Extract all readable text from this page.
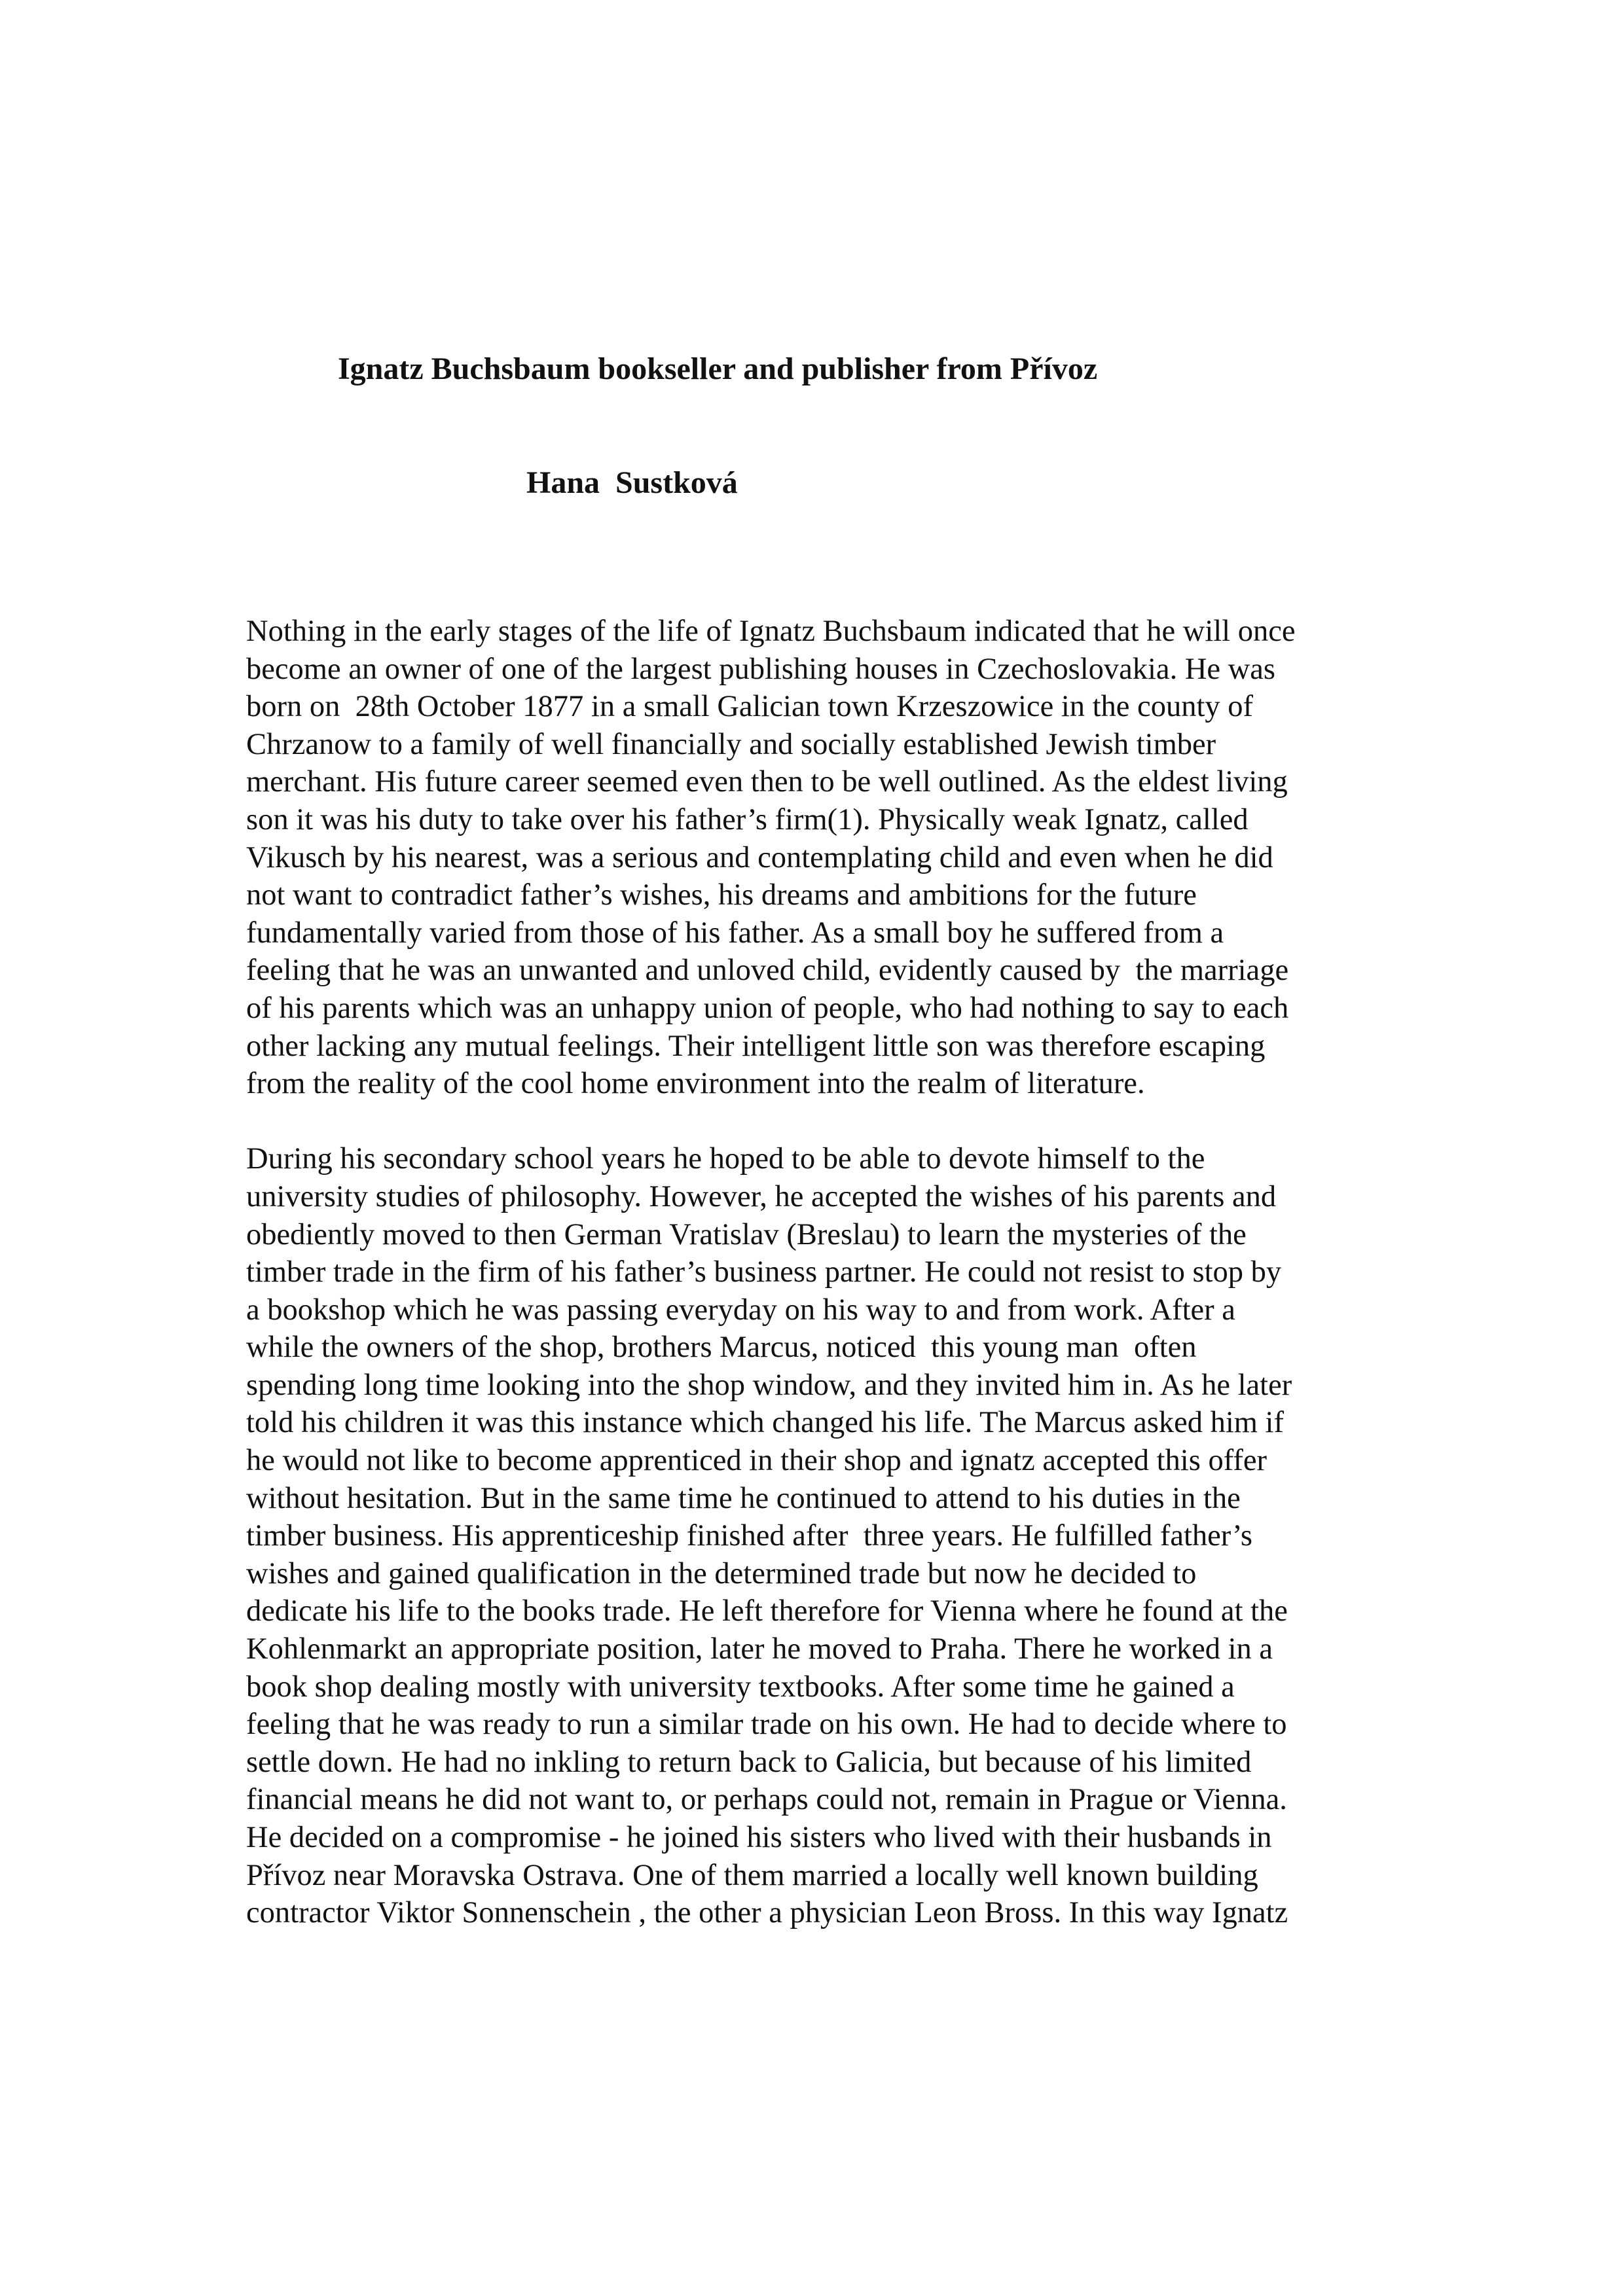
Ignatz Buchsbaum bookseller and publisher from Přívoz
Hana  Sustková
Nothing in the early stages of the life of Ignatz Buchsbaum indicated that he will once
become an owner of one of the largest publishing houses in Czechoslovakia. He was
born on  28th October 1877 in a small Galician town Krzeszowice in the county of
Chrzanow to a family of well financially and socially established Jewish timber
merchant. His future career seemed even then to be well outlined. As the eldest living
son it was his duty to take over his father’s firm(1). Physically weak Ignatz, called
Vikusch by his nearest, was a serious and contemplating child and even when he did
not want to contradict father’s wishes, his dreams and ambitions for the future
fundamentally varied from those of his father. As a small boy he suffered from a
feeling that he was an unwanted and unloved child, evidently caused by  the marriage
of his parents which was an unhappy union of people, who had nothing to say to each
other lacking any mutual feelings. Their intelligent little son was therefore escaping
from the reality of the cool home environment into the realm of literature.
During his secondary school years he hoped to be able to devote himself to the
university studies of philosophy. However, he accepted the wishes of his parents and
obediently moved to then German Vratislav (Breslau) to learn the mysteries of the
timber trade in the firm of his father’s business partner. He could not resist to stop by
a bookshop which he was passing everyday on his way to and from work. After a
while the owners of the shop, brothers Marcus, noticed  this young man  often
spending long time looking into the shop window, and they invited him in. As he later
told his children it was this instance which changed his life. The Marcus asked him if
he would not like to become apprenticed in their shop and ignatz accepted this offer
without hesitation. But in the same time he continued to attend to his duties in the
timber business. His apprenticeship finished after  three years. He fulfilled father’s
wishes and gained qualification in the determined trade but now he decided to
dedicate his life to the books trade. He left therefore for Vienna where he found at the
Kohlenmarkt an appropriate position, later he moved to Praha. There he worked in a
book shop dealing mostly with university textbooks. After some time he gained a
feeling that he was ready to run a similar trade on his own. He had to decide where to
settle down. He had no inkling to return back to Galicia, but because of his limited
financial means he did not want to, or perhaps could not, remain in Prague or Vienna.
He decided on a compromise - he joined his sisters who lived with their husbands in
Přívoz near Moravska Ostrava. One of them married a locally well known building
contractor Viktor Sonnenschein , the other a physician Leon Bross. In this way Ignatz
